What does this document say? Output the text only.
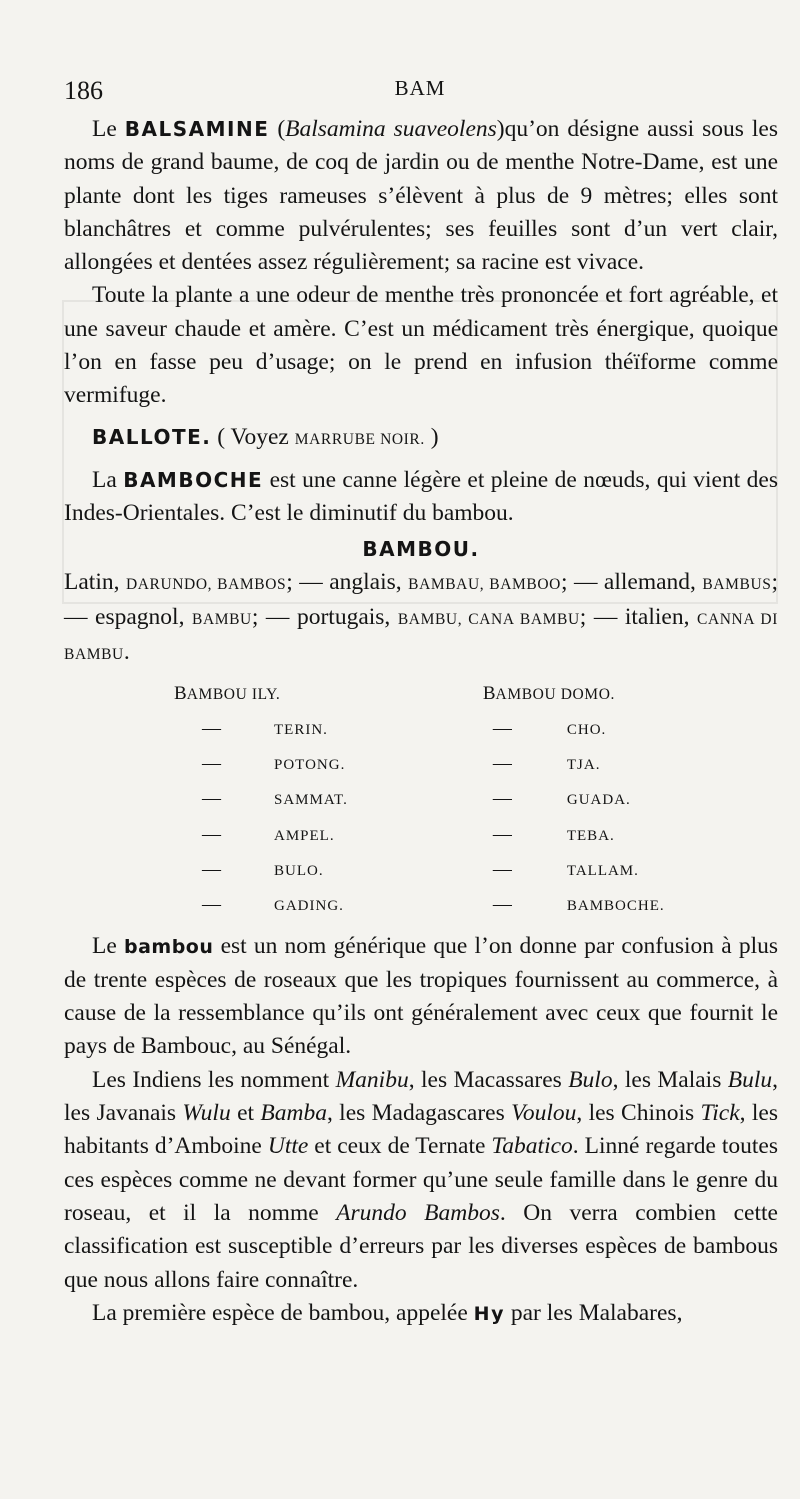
186	BAM

Le BALSAMINE (Balsamina suaveolens)qu’on désigne aussi sous les noms de grand baume, de coq de jardin ou de menthe Notre-Dame, est une plante dont les tiges rameuses s’élèvent à plus de 9 mètres; elles sont blanchâtres et comme pulvérulentes; ses feuilles sont d’un vert clair, allongées et dentées assez régulièrement; sa racine est vivace.

Toute la plante a une odeur de menthe très prononcée et fort agréable, et une saveur chaude et amère. C’est un médicament très énergique, quoique l’on en fasse peu d’usage; on le prend en infusion théïforme comme vermifuge.

BALLOTE. ( Voyez MARRUBE NOIR. )

La BAMBOCHE est une canne légère et pleine de nœuds, qui vient des Indes-Orientales. C’est le diminutif du bambou.

BAMBOU.

Latin, DARUNDO, BAMBOS; — anglais, BAMBAU, BAMBOO; — allemand, BAMBUS; — espagnol, BAMBU; — portugais, BAMBU, CANA BAMBU; — italien, CANNA DI BAMBU.

BAMBOU ILY.	BAMBOU DOMO.
— TERIN.	— CHO.
— POTONG.	— TJA.
— SAMMAT.	— GUADA.
— AMPEL.	— TEBA.
— BULO.	— TALLAM.
— GADING.	— BAMBOCHE.

Le bambou est un nom générique que l’on donne par confusion à plus de trente espèces de roseaux que les tropiques fournissent au commerce, à cause de la ressemblance qu’ils ont généralement avec ceux que fournit le pays de Bambouc, au Sénégal.

Les Indiens les nomment Manibu, les Macassares Bulo, les Malais Bulu, les Javanais Wulu et Bamba, les Madagascares Voulou, les Chinois Tick, les habitants d’Amboine Utte et ceux de Ternate Tabatico. Linné regarde toutes ces espèces comme ne devant former qu’une seule famille dans le genre du roseau, et il la nomme Arundo Bambos. On verra combien cette classification est susceptible d’erreurs par les diverses espèces de bambous que nous allons faire connaître.

La première espèce de bambou, appelée Hy par les Malabares,
